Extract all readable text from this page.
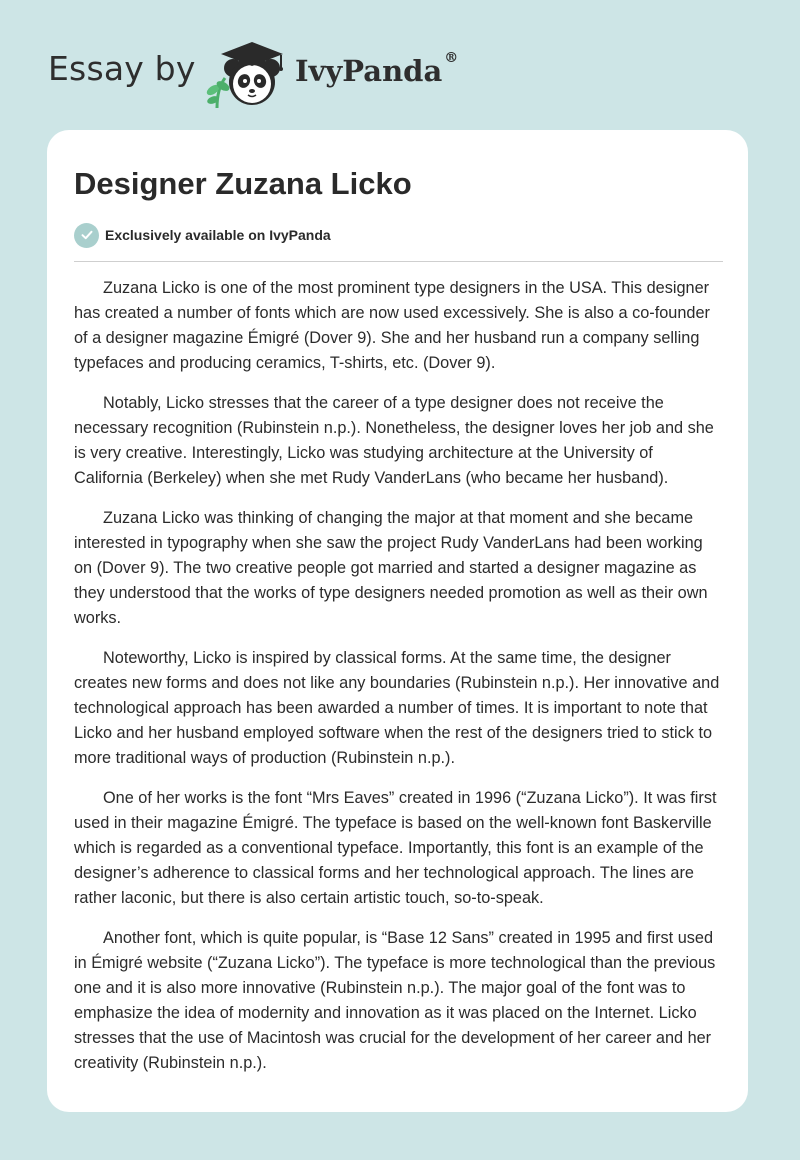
Essay by	IvyPanda ®
Designer Zuzana Licko
Exclusively available on IvyPanda

Zuzana Licko is one of the most prominent type designers in the USA. This designer has created a number of fonts which are now used excessively. She is also a co-founder of a designer magazine Émigré (Dover 9). She and her husband run a company selling typefaces and producing ceramics, T-shirts, etc. (Dover 9).

Notably, Licko stresses that the career of a type designer does not receive the necessary recognition (Rubinstein n.p.). Nonetheless, the designer loves her job and she is very creative. Interestingly, Licko was studying architecture at the University of California (Berkeley) when she met Rudy VanderLans (who became her husband).

Zuzana Licko was thinking of changing the major at that moment and she became interested in typography when she saw the project Rudy VanderLans had been working on (Dover 9). The two creative people got married and started a designer magazine as they understood that the works of type designers needed promotion as well as their own works.

Noteworthy, Licko is inspired by classical forms. At the same time, the designer creates new forms and does not like any boundaries (Rubinstein n.p.). Her innovative and technological approach has been awarded a number of times. It is important to note that Licko and her husband employed software when the rest of the designers tried to stick to more traditional ways of production (Rubinstein n.p.).

One of her works is the font “Mrs Eaves” created in 1996 (“Zuzana Licko”). It was first used in their magazine Émigré. The typeface is based on the well-known font Baskerville which is regarded as a conventional typeface. Importantly, this font is an example of the designer’s adherence to classical forms and her technological approach. The lines are rather laconic, but there is also certain artistic touch, so-to-speak.

Another font, which is quite popular, is “Base 12 Sans” created in 1995 and first used in Émigré website (“Zuzana Licko”). The typeface is more technological than the previous one and it is also more innovative (Rubinstein n.p.). The major goal of the font was to emphasize the idea of modernity and innovation as it was placed on the Internet. Licko stresses that the use of Macintosh was crucial for the development of her career and her creativity (Rubinstein n.p.).
